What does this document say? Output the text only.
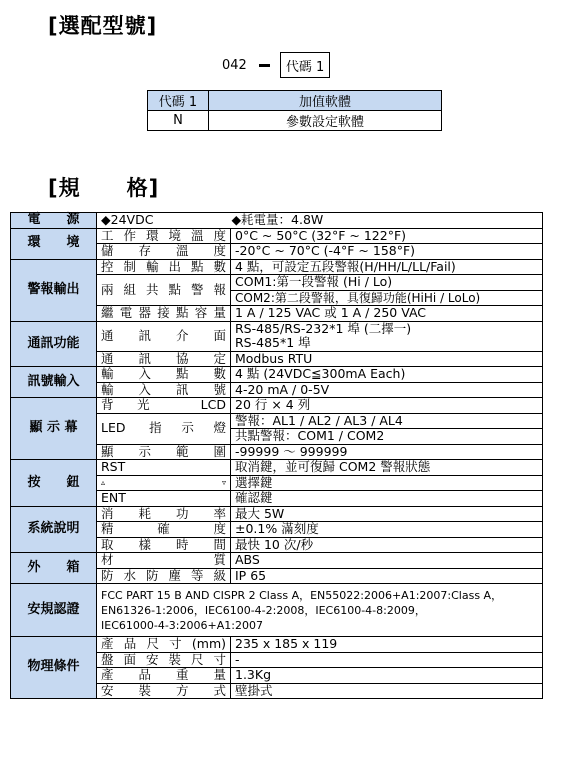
[選配型號]
042	代碼 1
代碼 1	加值軟體
N	參數設定軟體
[規 格]
電　　源	◆24VDC ◆耗電量：4.8W	
環　　境	工作環境溫度	0°C ~ 50°C (32°F ~ 122°F)
	儲存溫度	-20°C ~ 70°C (-4°F ~ 158°F)
警報輸出	控制輸出點數	4 點，可設定五段警報(H/HH/L/LL/Fail)
	兩組共點警報	COM1:第一段警報 (Hi / Lo)
		COM2:第二段警報，具復歸功能(HiHi / LoLo)
	繼電器接點容量	1 A / 125 VAC 或 1 A / 250 VAC
通訊功能	通訊介面	RS-485/RS-232*1 埠 (二擇一)
RS-485*1 埠

	通訊協定	Modbus RTU
訊號輸入	輸入點數	4 點 (24VDC≦300mA Each)
	輸入訊號	4-20 mA / 0-5V
顯 示 幕	背光 LCD	20 行 × 4 列
	LED 指示燈	警報：AL1 / AL2 / AL3 / AL4
		共點警報：COM1 / COM2
	顯示範圍	-99999 ～ 999999
按　　鈕	RST	取消鍵，並可復歸 COM2 警報狀態

	▵ ▿	選擇鍵
	ENT	確認鍵
系統說明	消耗功率	最大 5W
	精確度	±0.1% 滿刻度
	取樣時間	最快 10 次/秒
外　　箱	材質	ABS
	防水防塵等級	IP 65
安規認證	FCC PART 15 B AND CISPR 2 Class A，EN55022:2006+A1:2007:Class A，
EN61326-1:2006，IEC6100-4-2:2008，IEC6100-4-8:2009，
IEC61000-4-3:2006+A1:2007	

物理條件	產品尺寸(mm)	235 x 185 x 119
	盤面安裝尺寸	-
	產品重量	1.3Kg
	安裝方式	壁掛式
